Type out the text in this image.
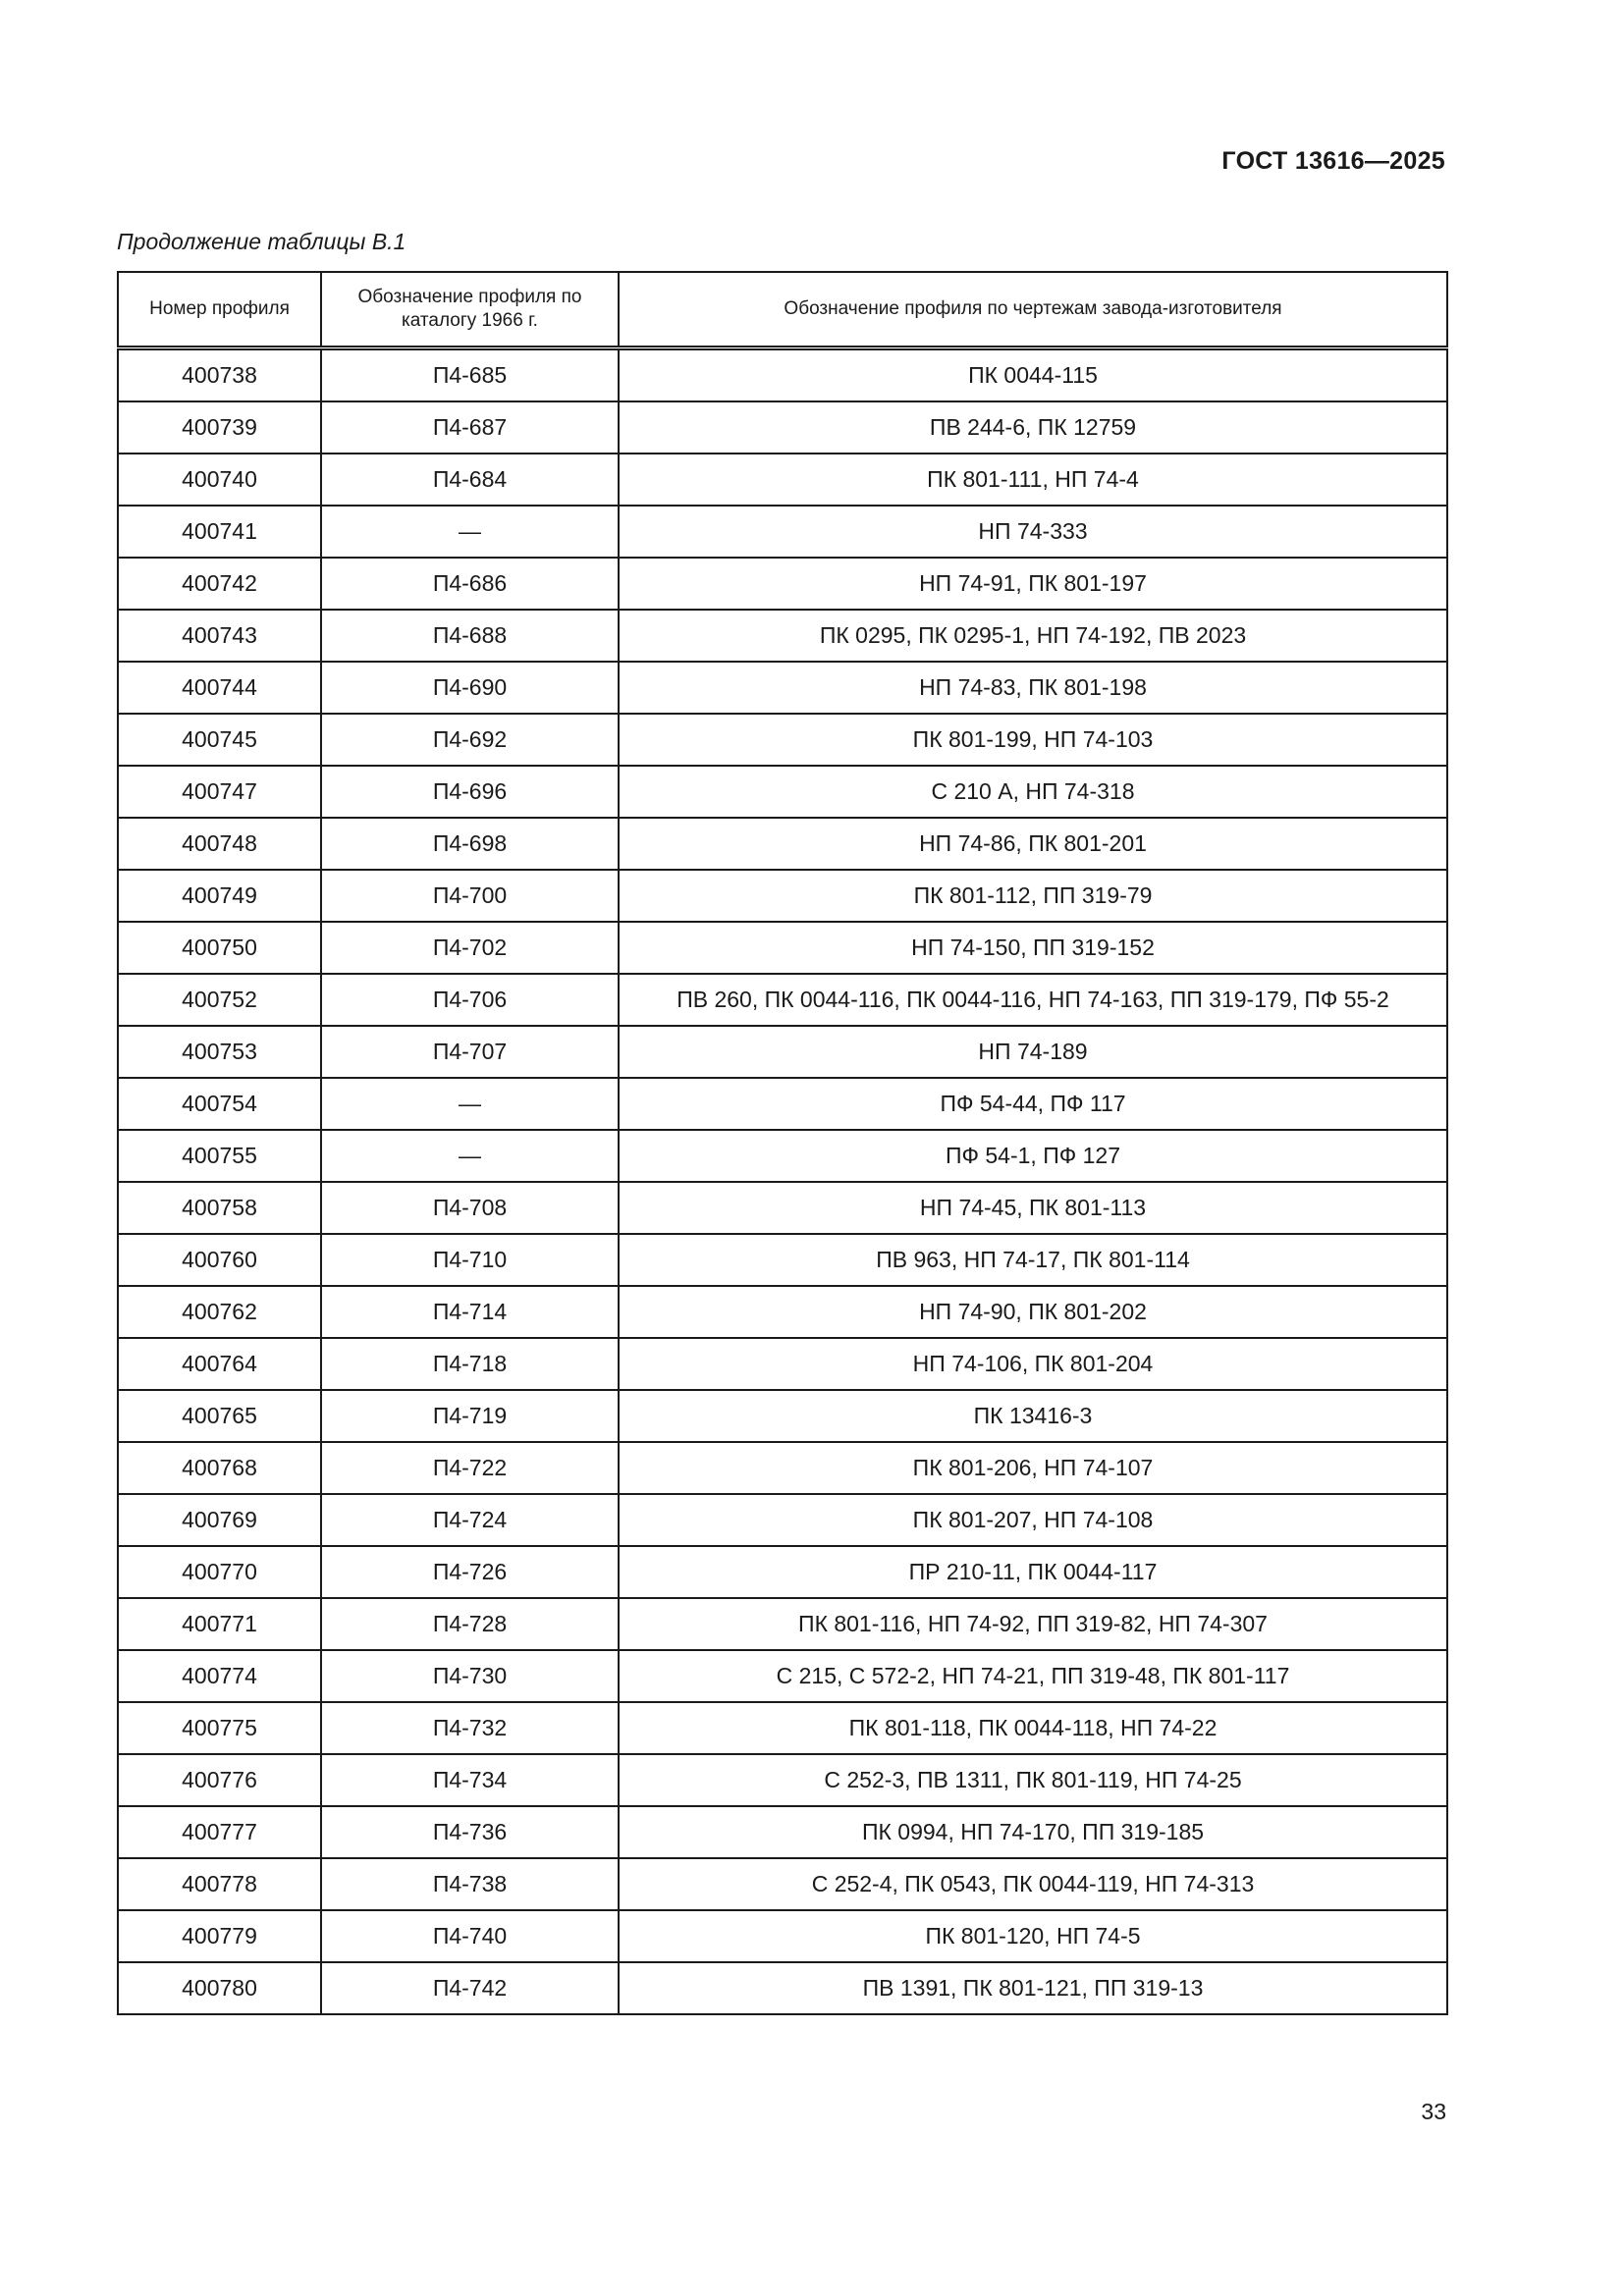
ГОСТ 13616—2025
Продолжение таблицы В.1
Номер профиля	Обозначение профиля по каталогу 1966 г.	Обозначение профиля по чертежам завода-изготовителя
400738	П4-685	ПК 0044-115
400739	П4-687	ПВ 244-6, ПК 12759
400740	П4-684	ПК 801-111, НП 74-4
400741	—	НП 74-333
400742	П4-686	НП 74-91, ПК 801-197
400743	П4-688	ПК 0295, ПК 0295-1, НП 74-192, ПВ 2023
400744	П4-690	НП 74-83, ПК 801-198
400745	П4-692	ПК 801-199, НП 74-103
400747	П4-696	С 210 А, НП 74-318
400748	П4-698	НП 74-86, ПК 801-201
400749	П4-700	ПК 801-112, ПП 319-79
400750	П4-702	НП 74-150, ПП 319-152
400752	П4-706	ПВ 260, ПК 0044-116, ПК 0044-116, НП 74-163, ПП 319-179, ПФ 55-2
400753	П4-707	НП 74-189
400754	—	ПФ 54-44, ПФ 117
400755	—	ПФ 54-1, ПФ 127
400758	П4-708	НП 74-45, ПК 801-113
400760	П4-710	ПВ 963, НП 74-17, ПК 801-114
400762	П4-714	НП 74-90, ПК 801-202
400764	П4-718	НП 74-106, ПК 801-204
400765	П4-719	ПК 13416-3
400768	П4-722	ПК 801-206, НП 74-107
400769	П4-724	ПК 801-207, НП 74-108
400770	П4-726	ПР 210-11, ПК 0044-117
400771	П4-728	ПК 801-116, НП 74-92, ПП 319-82, НП 74-307
400774	П4-730	С 215, С 572-2, НП 74-21, ПП 319-48, ПК 801-117
400775	П4-732	ПК 801-118, ПК 0044-118, НП 74-22
400776	П4-734	С 252-3, ПВ 1311, ПК 801-119, НП 74-25
400777	П4-736	ПК 0994, НП 74-170, ПП 319-185
400778	П4-738	С 252-4, ПК 0543, ПК 0044-119, НП 74-313
400779	П4-740	ПК 801-120, НП 74-5
400780	П4-742	ПВ 1391, ПК 801-121, ПП 319-13
33
